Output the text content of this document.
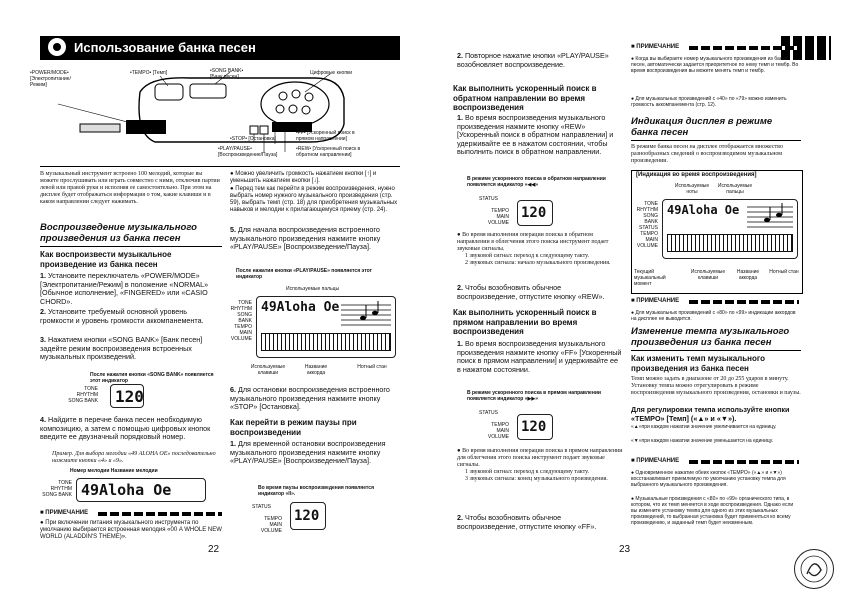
Использование банка песен
•POWER/MODE• [Электропитание/Режим]
•TEMPO• [Темп]	•SONG BANK• [Банк песен]
Цифровые кнопки
•STOP• [Остановка]
•PLAY/PAUSE• [Воспроизведение/Пауза]
•FF• [Ускоренный поиск в прямом направлении]
•REW• [Ускоренный поиск в обратном направлении]
В музыкальный инструмент встроено 100 мелодий, которые вы можете прослушивать или играть совместно с ними, отключив партии левой или правой руки и исполняя ее самостоятельно. При этом на дисплее будет отображаться информация о том, какие клавиши и в каком направлении следует нажимать.
Воспроизведение музыкального произведения из банка песен
Как воспроизвести музыкальное произведение из банка песен
1. Установите переключатель «POWER/MODE» [Электропитание/Режим] в положение «NORMAL» [Обычное исполнение], «FINGERED» или «CASIO CHORD».
2. Установите требуемый основной уровень громкости и уровень громкости аккомпанемента.
3. Нажатием кнопки «SONG BANK» [Банк песен] задейте режим воспроизведения встроенных музыкальных произведений.
После нажатия кнопки «SONG BANK» появляется этот индикатор
TONE
RHYTHM
SONG BANK 120
4. Найдите в перечне банка песен необходимую композицию, а затем с помощью цифровых кнопок введите ее двузначный порядковый номер.
Пример. Для выбора мелодии «49 ALOHA OE» последовательно нажмите кнопки «4» и «9».
Номер мелодии Название мелодии
TONE
RHYTHM
SONG BANK 49Aloha Oe
■ ПРИМЕЧАНИЕ
● При включении питания музыкального инструмента по умолчанию выбирается встроенная мелодия «00 A WHOLE NEW WORLD (ALADDIN'S THEME)».
● Можно увеличить громкость нажатием кнопки [↑] и уменьшить нажатием кнопки [↓].
● Перед тем как перейти в режим воспроизведения, нужно выбрать номер нужного музыкального произведения (стр. 59), выбрать темп (стр. 18) для приобретения музыкальных навыков и мелодии к прилагающемуся приему (стр. 24).
5. Для начала воспроизведения встроенного музыкального произведения нажмите кнопку «PLAY/PAUSE» [Воспроизведение/Пауза].
После нажатия кнопки «PLAY/PAUSE» появляется этот индикатор
Используемые пальцы
TONE
RHYTHM
SONG BANK
TEMPO
MAIN
VOLUME
49Aloha Oe
Используемые клавиши
Название аккорда
Нотный стан
6. Для остановки воспроизведения встроенного музыкального произведения нажмите кнопку «STOP» [Остановка].
Как перейти в режим паузы при воспроизведении
1. Для временной остановки воспроизведения музыкального произведения нажмите кнопку «PLAY/PAUSE» [Воспроизведение/Пауза].
Во время паузы воспроизведения появляется индикатор «II».
STATUS
TEMPO
MAIN
VOLUME
120
22
2. Повторное нажатие кнопки «PLAY/PAUSE» возобновляет воспроизведение.
Как выполнить ускоренный поиск в обратном направлении во время воспроизведения
1. Во время воспроизведения музыкального произведения нажмите кнопку «REW» [Ускоренный поиск в обратном направлении] и удерживайте ее в нажатом состоянии, чтобы выполнить поиск в обратном направлении.
В режиме ускоренного поиска в обратном направлении появляется индикатор «◀◀»
STATUS
TEMPO
MAIN
VOLUME
120
● Во время выполнения операции поиска в обратном направлении в облегчения этого поиска инструмент подает звуковые сигналы.
1 звуковой сигнал: переход к следующему такту.
2 звуковых сигнала: начало музыкального произведения.
2. Чтобы возобновить обычное воспроизведение, отпустите кнопку «REW».
Как выполнить ускоренный поиск в прямом направлении во время воспроизведения
1. Во время воспроизведения музыкального произведения нажмите кнопку «FF» [Ускоренный поиск в прямом направлении] и удерживайте ее в нажатом состоянии.
В режиме ускоренного поиска в прямом направлении появляется индикатор «▶▶»
STATUS
TEMPO
MAIN
VOLUME
120
● Во время выполнения операции поиска в прямом направлении для облегчения этого поиска инструмент подает звуковые сигналы.
1 звуковой сигнал: переход к следующему такту.
3 звуковых сигнала: конец музыкального произведения.
2. Чтобы возобновить обычное воспроизведение, отпустите кнопку «FF».
■ ПРИМЕЧАНИЕ
● Когда вы выбираете номер музыкального произведения из банка песен, автоматически задается приоритетное по нему темп и тембр. Во время воспроизведения вы можете менять темп и тембр.
● Для музыкальных произведений с «40» по «79» можно изменить громкость аккомпанемента (стр. 12).
Индикация дисплея в режиме банка песен
В режиме банка песен на дисплее отображается множество разнообразных сведений о воспроизводимом музыкальном произведении.
[Индикация во время воспроизведения]
Используемые ноты
Используемые пальцы
TONE
RHYTHM
SONG BANK
STATUS
TEMPO
MAIN
VOLUME
49Aloha Oe
Текущий музыкальный момент
Используемые клавиши
Название аккорда
Нотный стан
■ ПРИМЕЧАНИЕ
● Для музыкальных произведений с «80» по «99» индикации аккордов на дисплее не выводится.
Изменение темпа музыкального произведения из банка песен
Как изменить темп музыкального произведения из банка песен
Темп можно задать в диапазоне от 20 до 255 ударов в минуту. Установку темпа можно отрегулировать в режиме воспроизведения музыкального произведения, остановки и паузы.
Для регулировки темпа используйте кнопки «TEMPO» [Темп] («▲» и «▼»).
«▲»при каждом нажатии значение увеличивается на единицу.
«▼»при каждом нажатии значение уменьшается на единицу.
■ ПРИМЕЧАНИЕ
● Одновременное нажатие обеих кнопок «TEMPO» («▲» и «▼») восстанавливает приемлемую по умолчанию установку темпа для выбранного музыкального произведения.
● Музыкальные произведения с «80» по «99» органического типа, в котором, что их темп меняется в ходе воспроизведения. Однако если вы измените установку темпа для одного из этих музыкальных произведений, то выбранная установка будет применяться ко всему произведению, и заданный темп будет неизменным.
23
